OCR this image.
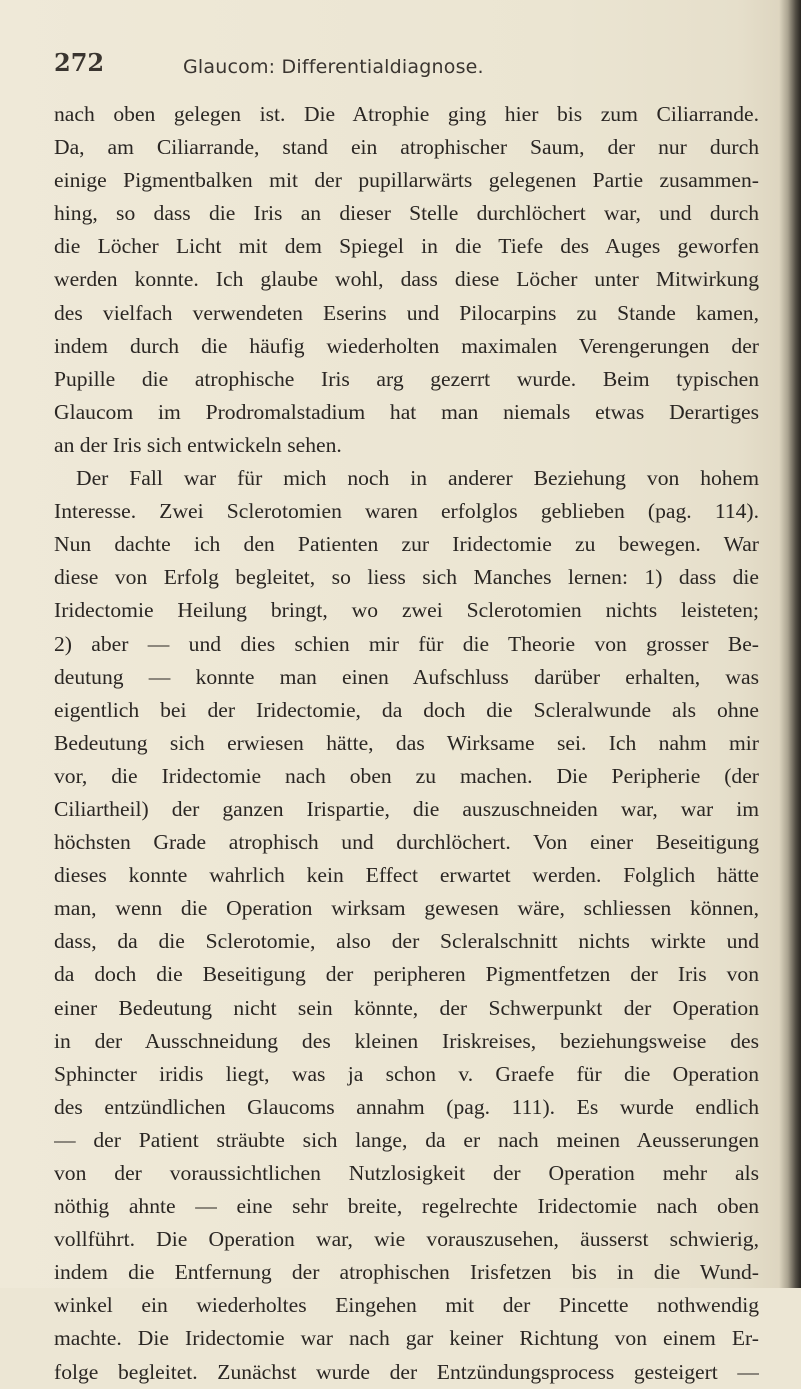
272	Glaucom: Differentialdiagnose.
nach oben gelegen ist. Die Atrophie ging hier bis zum Ciliarrande.
Da, am Ciliarrande, stand ein atrophischer Saum, der nur durch
einige Pigmentbalken mit der pupillarwärts gelegenen Partie zusammen-
hing, so dass die Iris an dieser Stelle durchlöchert war, und durch
die Löcher Licht mit dem Spiegel in die Tiefe des Auges geworfen
werden konnte. Ich glaube wohl, dass diese Löcher unter Mitwirkung
des vielfach verwendeten Eserins und Pilocarpins zu Stande kamen,
indem durch die häufig wiederholten maximalen Verengerungen der
Pupille die atrophische Iris arg gezerrt wurde. Beim typischen
Glaucom im Prodromalstadium hat man niemals etwas Derartiges
an der Iris sich entwickeln sehen.
Der Fall war für mich noch in anderer Beziehung von hohem
Interesse. Zwei Sclerotomien waren erfolglos geblieben (pag. 114).
Nun dachte ich den Patienten zur Iridectomie zu bewegen. War
diese von Erfolg begleitet, so liess sich Manches lernen: 1) dass die
Iridectomie Heilung bringt, wo zwei Sclerotomien nichts leisteten;
2) aber — und dies schien mir für die Theorie von grosser Be-
deutung — konnte man einen Aufschluss darüber erhalten, was
eigentlich bei der Iridectomie, da doch die Scleralwunde als ohne
Bedeutung sich erwiesen hätte, das Wirksame sei. Ich nahm mir
vor, die Iridectomie nach oben zu machen. Die Peripherie (der
Ciliartheil) der ganzen Irispartie, die auszuschneiden war, war im
höchsten Grade atrophisch und durchlöchert. Von einer Beseitigung
dieses konnte wahrlich kein Effect erwartet werden. Folglich hätte
man, wenn die Operation wirksam gewesen wäre, schliessen können,
dass, da die Sclerotomie, also der Scleralschnitt nichts wirkte und
da doch die Beseitigung der peripheren Pigmentfetzen der Iris von
einer Bedeutung nicht sein könnte, der Schwerpunkt der Operation
in der Ausschneidung des kleinen Iriskreises, beziehungsweise des
Sphincter iridis liegt, was ja schon v. Graefe für die Operation
des entzündlichen Glaucoms annahm (pag. 111). Es wurde endlich
— der Patient sträubte sich lange, da er nach meinen Aeusserungen
von der voraussichtlichen Nutzlosigkeit der Operation mehr als
nöthig ahnte — eine sehr breite, regelrechte Iridectomie nach oben
vollführt. Die Operation war, wie vorauszusehen, äusserst schwierig,
indem die Entfernung der atrophischen Irisfetzen bis in die Wund-
winkel ein wiederholtes Eingehen mit der Pincette nothwendig
machte. Die Iridectomie war nach gar keiner Richtung von einem Er-
folge begleitet. Zunächst wurde der Entzündungsprocess gesteigert —
